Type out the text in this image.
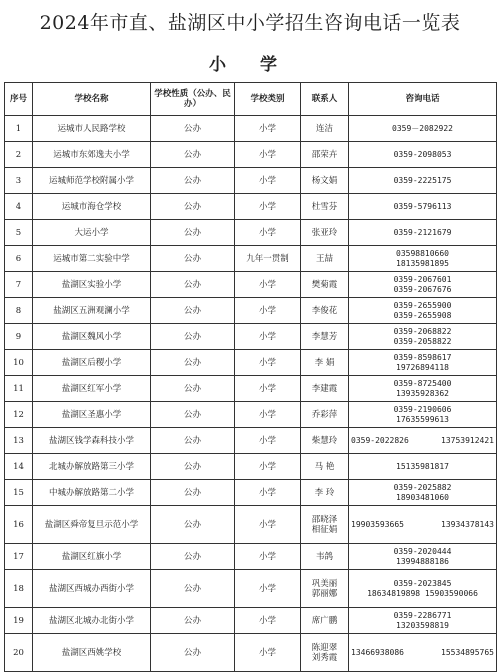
2024年市直、盐湖区中小学招生咨询电话一览表
小 学
序号	学校名称	学校性质（公办、民办）	学校类别	联系人	咨询电话
1	运城市人民路学校	公办	小学	连洁	0359－2082922

2	运城市东郊逸夫小学	公办	小学	邵荣卉	0359-2098053

3	运城师范学校附属小学	公办	小学	杨文娟	0359-2225175

4	运城市海仓学校	公办	小学	杜雪芬	0359-5796113

5	大运小学	公办	小学	张亚玲	0359-2121679

6	运城市第二实验中学	公办	九年一贯制	王喆	03598810660
18135981895

7	盐湖区实验小学	公办	小学	樊菊霞	0359-2067601
0359-2067676

8	盐湖区五洲观澜小学	公办	小学	李俊花	0359-2655900
0359-2655908

9	盐湖区魏风小学	公办	小学	李慧芳	0359-2068822
0359-2058822

10	盐湖区后稷小学	公办	小学	李 娟	0359-8598617
19726894118

11	盐湖区红军小学	公办	小学	李建霞	0359-8725400
13935928362

12	盐湖区圣惠小学	公办	小学	乔彩萍	0359-2190606
17635599613

13	盐湖区钱学森科技小学	公办	小学	柴慧玲	0359-2022826 13753912421

14	北城办解放路第三小学	公办	小学	马 艳	15135981817

15	中城办解放路第二小学	公办	小学	李 玲	0359-2025882
18903481060

16	盐湖区舜帝复旦示范小学	公办	小学	邵晓泽
相征娟	19903593665 13934378143

17	盐湖区红旗小学	公办	小学	韦鸽	0359-2020444
13994888186

18	盐湖区西城办西街小学	公办	小学	巩美丽
郭丽娜	0359-2023845
18634819898 15903590066

19	盐湖区北城办北街小学	公办	小学	席广鹏	0359-2286771
13203598819

20	盐湖区西姚学校	公办	小学	陈迎翠
刘秀霞	13466938086 15534895765
